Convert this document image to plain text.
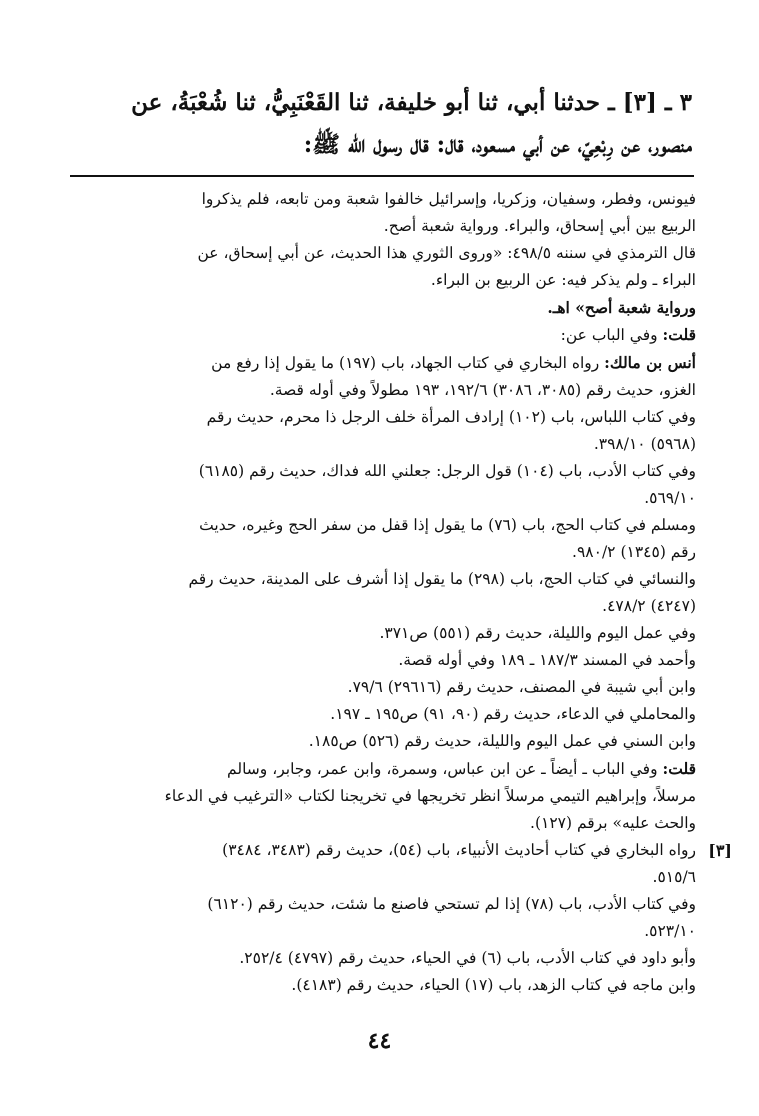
٣ ـ [٣] ـ حدثنا أبي، ثنا أبو خليفة، ثنا القَعْنَبِيُّ، ثنا شُعْبَةُ، عن
منصور، عن رِبْعِيّ، عن أبي مسعود، قال: قال رسول الله ﷺ:
فيونس، وفطر، وسفيان، وزكريا، وإسرائيل خالفوا شعبة ومن تابعه، فلم يذكروا
الربيع بين أبي إسحاق، والبراء. ورواية شعبة أصح.
قال الترمذي في سننه ٤٩٨/٥: «وروى الثوري هذا الحديث، عن أبي إسحاق، عن
البراء ـ ولم يذكر فيه: عن الربيع بن البراء.
ورواية شعبة أصح» اهـ.
قلت: وفي الباب عن:
أنس بن مالك: رواه البخاري في كتاب الجهاد، باب (١٩٧) ما يقول إذا رفع من
الغزو، حديث رقم (٣٠٨٥، ٣٠٨٦) ١٩٢/٦، ١٩٣ مطولاً وفي أوله قصة.
وفي كتاب اللباس، باب (١٠٢) إرادف المرأة خلف الرجل ذا محرم، حديث رقم
(٥٩٦٨) ٣٩٨/١٠.
وفي كتاب الأدب، باب (١٠٤) قول الرجل: جعلني الله فداك، حديث رقم (٦١٨٥)
٥٦٩/١٠.
ومسلم في كتاب الحج، باب (٧٦) ما يقول إذا قفل من سفر الحج وغيره، حديث
رقم (١٣٤٥) ٩٨٠/٢.
والنسائي في كتاب الحج، باب (٢٩٨) ما يقول إذا أشرف على المدينة، حديث رقم
(٤٢٤٧) ٤٧٨/٢.
وفي عمل اليوم والليلة، حديث رقم (٥٥١) ص٣٧١.
وأحمد في المسند ١٨٧/٣ ـ ١٨٩ وفي أوله قصة.
وابن أبي شيبة في المصنف، حديث رقم (٢٩٦١٦) ٧٩/٦.
والمحاملي في الدعاء، حديث رقم (٩٠، ٩١) ص١٩٥ ـ ١٩٧.
وابن السني في عمل اليوم والليلة، حديث رقم (٥٢٦) ص١٨٥.
قلت: وفي الباب ـ أيضاً ـ عن ابن عباس، وسمرة، وابن عمر، وجابر، وسالم
مرسلاً، وإبراهيم التيمي مرسلاً انظر تخريجها في تخريجنا لكتاب «الترغيب في الدعاء
والحث عليه» برقم (١٢٧).
[٣]
رواه البخاري في كتاب أحاديث الأنبياء، باب (٥٤)، حديث رقم (٣٤٨٣، ٣٤٨٤)
٥١٥/٦.
وفي كتاب الأدب، باب (٧٨) إذا لم تستحي فاصنع ما شئت، حديث رقم (٦١٢٠)
٥٢٣/١٠.
وأبو داود في كتاب الأدب، باب (٦) في الحياء، حديث رقم (٤٧٩٧) ٢٥٢/٤.
وابن ماجه في كتاب الزهد، باب (١٧) الحياء، حديث رقم (٤١٨٣).
٤٤
